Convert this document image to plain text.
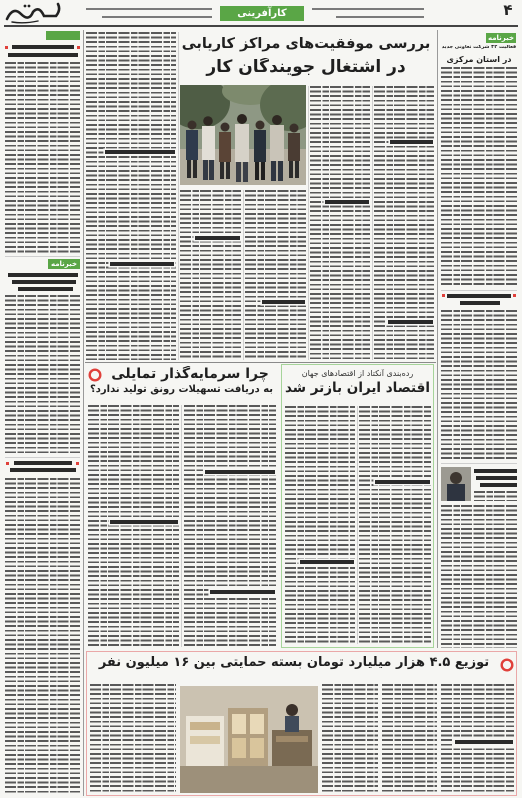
۴
کارآفرینی
خبرنامه
خبرنامه
فعالیت ۴۲ شرکت تعاونی جدید
در استان مرکزی
بررسی موفقیت‌های مراکز کاریابی
در اشتغال جویندگان کار
چرا سرمایه‌گذار تمایلی
به دریافت تسهیلات رونق تولید ندارد؟
رده‌بندی آنکتاد از اقتصادهای جهان
اقتصاد ایران بازتر شد
توزیع ۴.۵ هزار میلیارد تومان بسته حمایتی بین ۱۶ میلیون نفر
